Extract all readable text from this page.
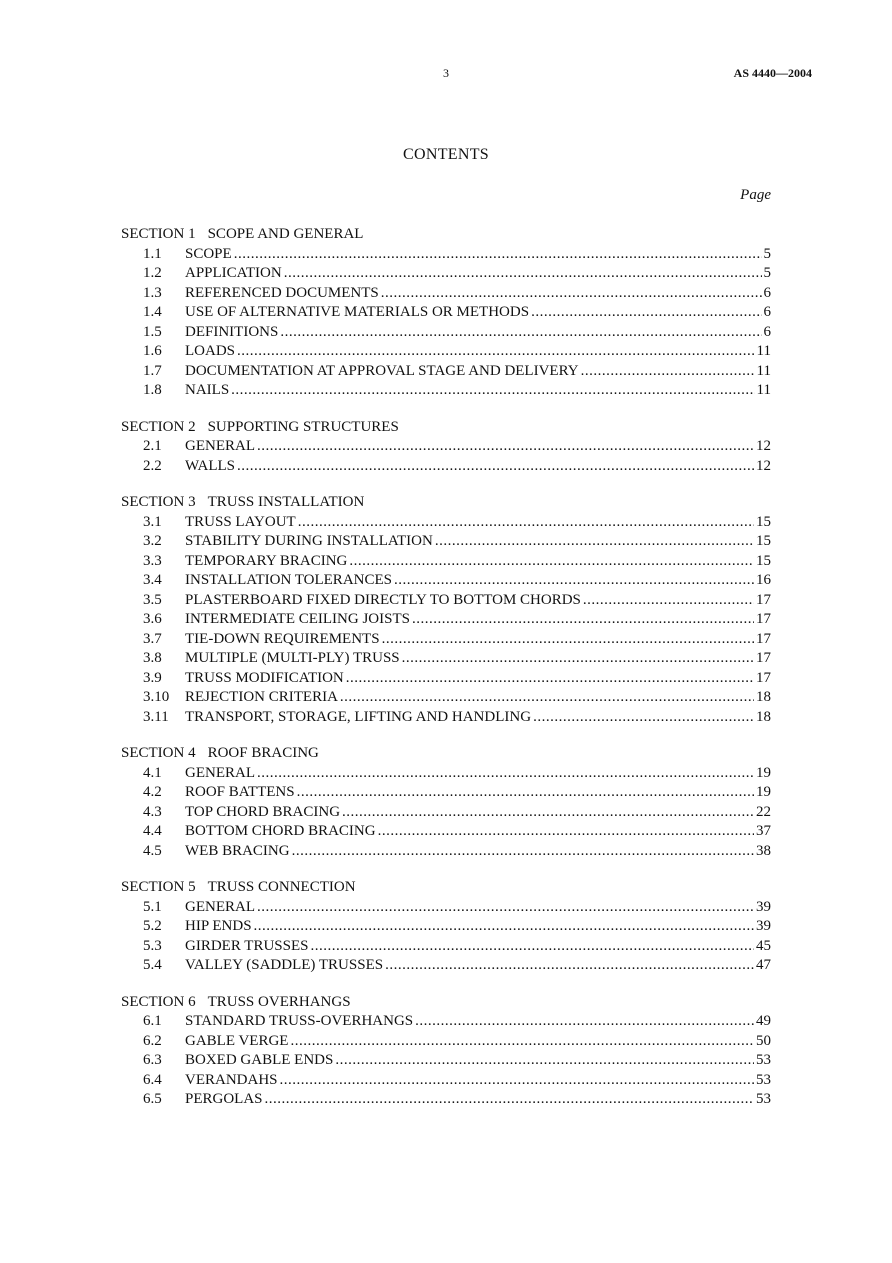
3	AS 4440—2004
CONTENTS
Page
SECTION 1 SCOPE AND GENERAL
1.1	SCOPE .....	5
1.2	APPLICATION .....	5
1.3	REFERENCED DOCUMENTS .....	6
1.4	USE OF ALTERNATIVE MATERIALS OR METHODS .....	6
1.5	DEFINITIONS .....	6
1.6	LOADS .....	11
1.7	DOCUMENTATION AT APPROVAL STAGE AND DELIVERY .....	11
1.8	NAILS .....	11
SECTION 2 SUPPORTING STRUCTURES
2.1	GENERAL .....	12
2.2	WALLS .....	12
SECTION 3 TRUSS INSTALLATION
3.1	TRUSS LAYOUT .....	15
3.2	STABILITY DURING INSTALLATION .....	15
3.3	TEMPORARY BRACING .....	15
3.4	INSTALLATION TOLERANCES .....	16
3.5	PLASTERBOARD FIXED DIRECTLY TO BOTTOM CHORDS .....	17
3.6	INTERMEDIATE CEILING JOISTS .....	17
3.7	TIE-DOWN REQUIREMENTS .....	17
3.8	MULTIPLE (MULTI-PLY) TRUSS .....	17
3.9	TRUSS MODIFICATION .....	17
3.10	REJECTION CRITERIA .....	18
3.11	TRANSPORT, STORAGE, LIFTING AND HANDLING .....	18
SECTION 4 ROOF BRACING
4.1	GENERAL .....	19
4.2	ROOF BATTENS .....	19
4.3	TOP CHORD BRACING .....	22
4.4	BOTTOM CHORD BRACING .....	37
4.5	WEB BRACING .....	38
SECTION 5 TRUSS CONNECTION
5.1	GENERAL .....	39
5.2	HIP ENDS .....	39
5.3	GIRDER TRUSSES .....	45
5.4	VALLEY (SADDLE) TRUSSES .....	47
SECTION 6 TRUSS OVERHANGS
6.1	STANDARD TRUSS-OVERHANGS .....	49
6.2	GABLE VERGE .....	50
6.3	BOXED GABLE ENDS .....	53
6.4	VERANDAHS .....	53
6.5	PERGOLAS .....	53
